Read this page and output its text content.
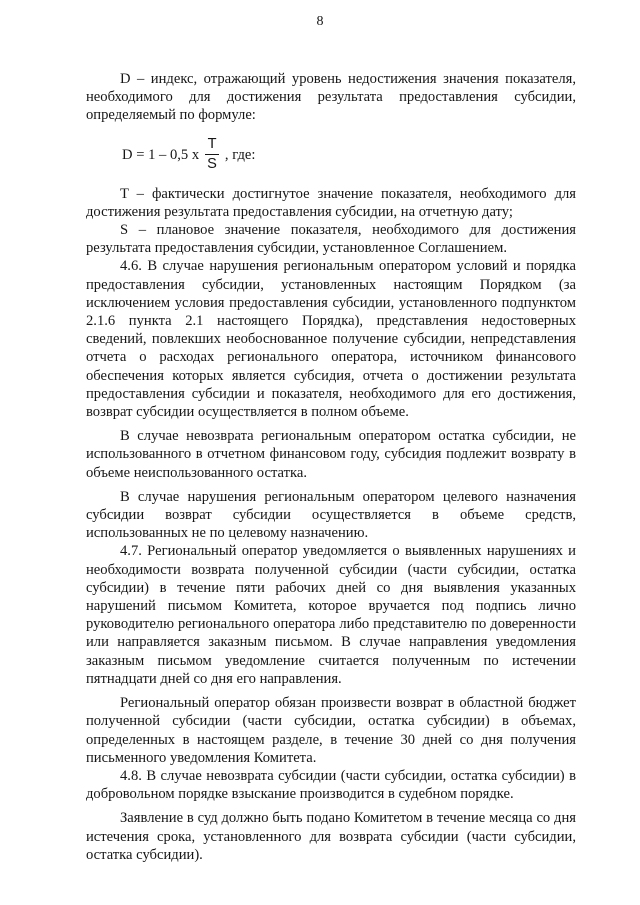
8

D – индекс, отражающий уровень недостижения значения показателя, необходимого для достижения результата предоставления субсидии, определяемый по формуле:

D = 1 – 0,5 x $\frac{T}{S}$ , где:

T – фактически достигнутое значение показателя, необходимого для достижения результата предоставления субсидии, на отчетную дату;

S – плановое значение показателя, необходимого для достижения результата предоставления субсидии, установленное Соглашением.

4.6. В случае нарушения региональным оператором условий и порядка предоставления субсидии, установленных настоящим Порядком (за исключением условия предоставления субсидии, установленного подпунктом 2.1.6 пункта 2.1 настоящего Порядка), представления недостоверных сведений, повлекших необоснованное получение субсидии, непредставления отчета о расходах регионального оператора, источником финансового обеспечения которых является субсидия, отчета о достижении результата предоставления субсидии и показателя, необходимого для его достижения, возврат субсидии осуществляется в полном объеме.

В случае невозврата региональным оператором остатка субсидии, не использованного в отчетном финансовом году, субсидия подлежит возврату в объеме неиспользованного остатка.

В случае нарушения региональным оператором целевого назначения субсидии возврат субсидии осуществляется в объеме средств, использованных не по целевому назначению.

4.7. Региональный оператор уведомляется о выявленных нарушениях и необходимости возврата полученной субсидии (части субсидии, остатка субсидии) в течение пяти рабочих дней со дня выявления указанных нарушений письмом Комитета, которое вручается под подпись лично руководителю регионального оператора либо представителю по доверенности или направляется заказным письмом. В случае направления уведомления заказным письмом уведомление считается полученным по истечении пятнадцати дней со дня его направления.

Региональный оператор обязан произвести возврат в областной бюджет полученной субсидии (части субсидии, остатка субсидии) в объемах, определенных в настоящем разделе, в течение 30 дней со дня получения письменного уведомления Комитета.

4.8. В случае невозврата субсидии (части субсидии, остатка субсидии) в добровольном порядке взыскание производится в судебном порядке.

Заявление в суд должно быть подано Комитетом в течение месяца со дня истечения срока, установленного для возврата субсидии (части субсидии, остатка субсидии).
